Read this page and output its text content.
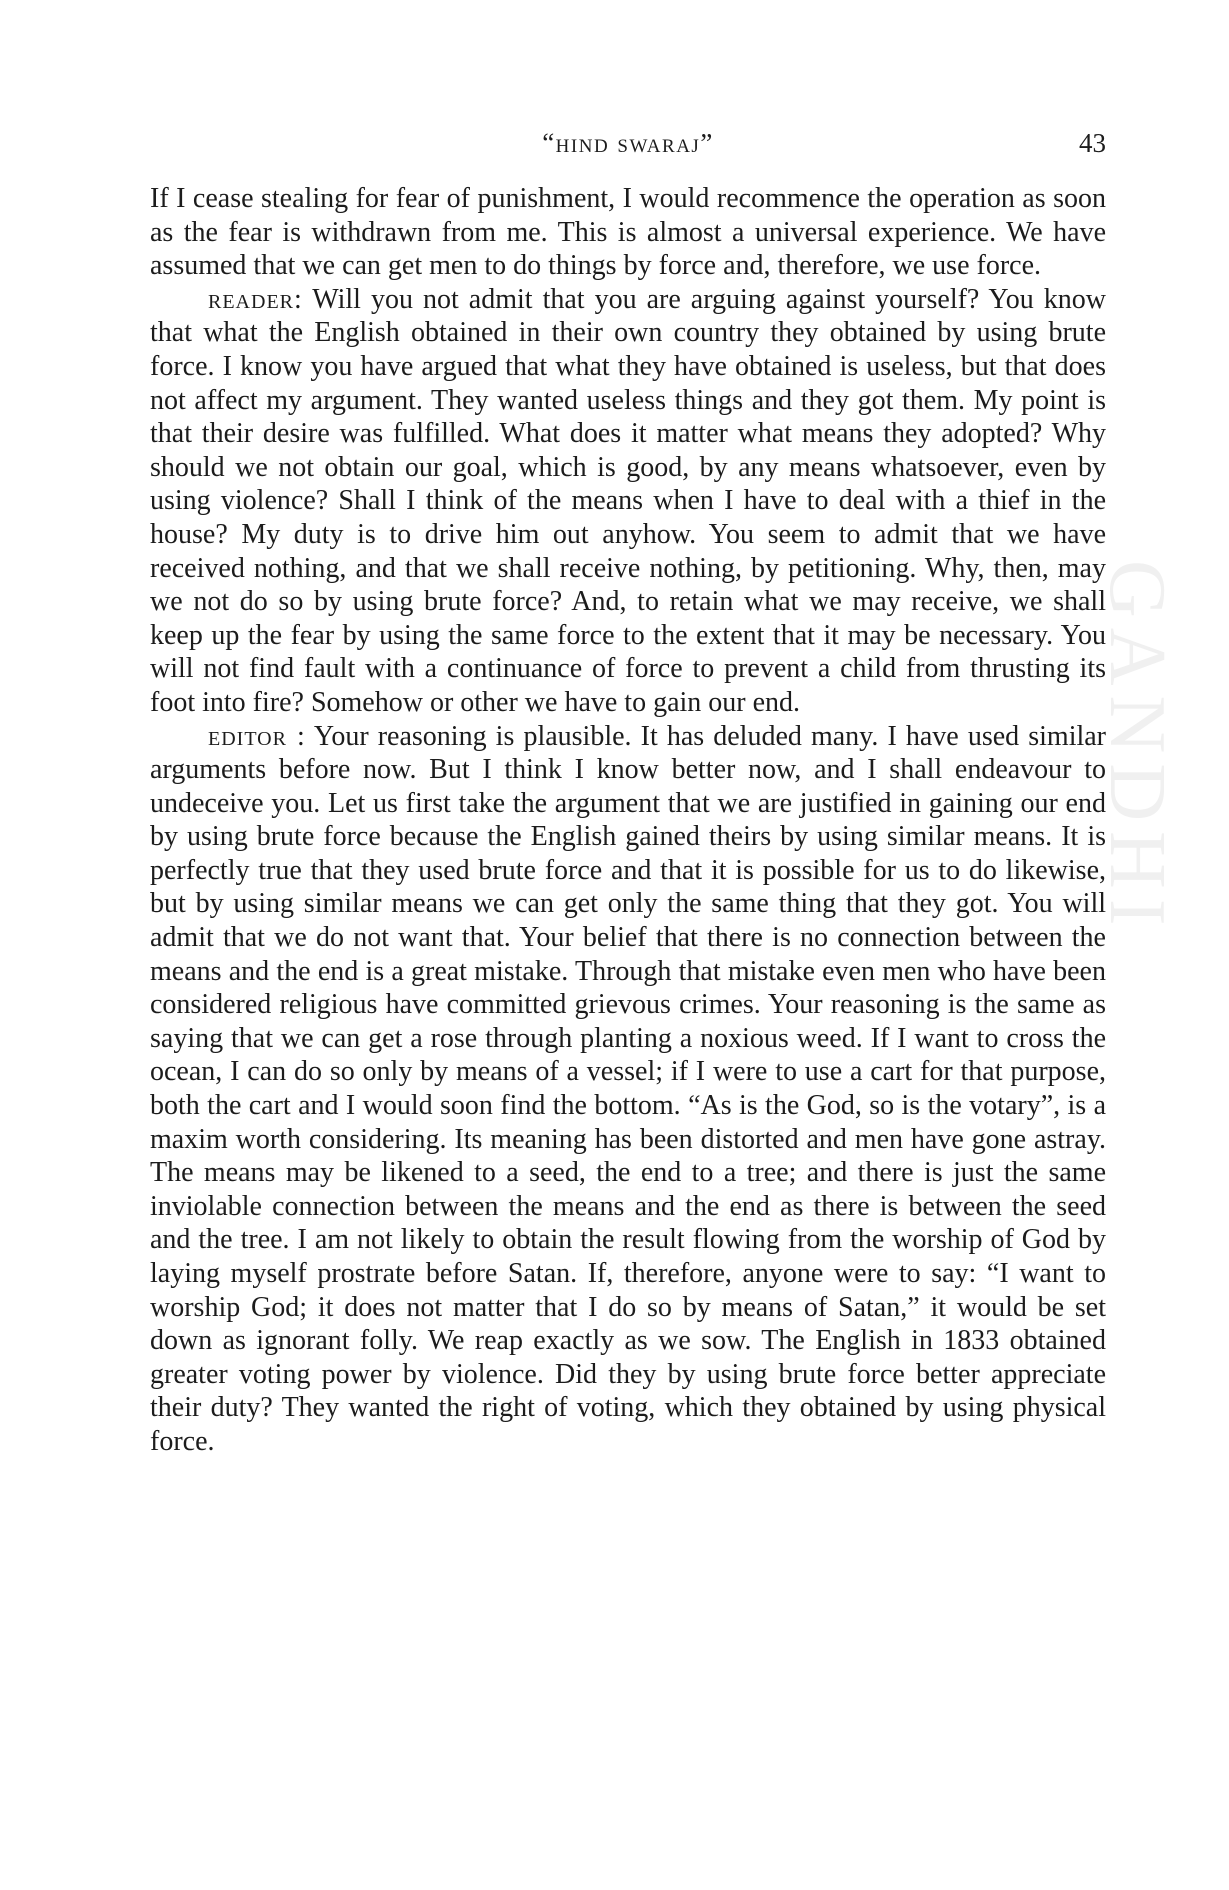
“hind swaraj”	43

If I cease stealing for fear of punishment, I would recommence the operation as soon as the fear is withdrawn from me. This is almost a universal experience. We have assumed that we can get men to do things by force and, therefore, we use force.

reader: Will you not admit that you are arguing against yourself? You know that what the English obtained in their own country they obtained by using brute force. I know you have argued that what they have obtained is useless, but that does not affect my argument. They wanted useless things and they got them. My point is that their desire was fulfilled. What does it matter what means they adopted? Why should we not obtain our goal, which is good, by any means whatsoever, even by using violence? Shall I think of the means when I have to deal with a thief in the house? My duty is to drive him out anyhow. You seem to admit that we have received nothing, and that we shall receive nothing, by petitioning. Why, then, may we not do so by using brute force? And, to retain what we may receive, we shall keep up the fear by using the same force to the extent that it may be necessary. You will not find fault with a continuance of force to prevent a child from thrusting its foot into fire? Somehow or other we have to gain our end.

editor : Your reasoning is plausible. It has deluded many. I have used similar arguments before now. But I think I know better now, and I shall endeavour to undeceive you. Let us first take the argument that we are justified in gaining our end by using brute force because the English gained theirs by using similar means. It is perfectly true that they used brute force and that it is possible for us to do likewise, but by using similar means we can get only the same thing that they got. You will admit that we do not want that. Your belief that there is no connection between the means and the end is a great mistake. Through that mistake even men who have been considered religious have committed grievous crimes. Your reasoning is the same as saying that we can get a rose through planting a noxious weed. If I want to cross the ocean, I can do so only by means of a vessel; if I were to use a cart for that purpose, both the cart and I would soon find the bottom. “As is the God, so is the votary”, is a maxim worth considering. Its meaning has been distorted and men have gone astray. The means may be likened to a seed, the end to a tree; and there is just the same inviolable connection between the means and the end as there is between the seed and the tree. I am not likely to obtain the result flowing from the worship of God by laying myself prostrate before Satan. If, therefore, anyone were to say: “I want to worship God; it does not matter that I do so by means of Satan,” it would be set down as ignorant folly. We reap exactly as we sow. The English in 1833 obtained greater voting power by violence. Did they by using brute force better appreciate their duty? They wanted the right of voting, which they obtained by using physical force.

GANDHI
